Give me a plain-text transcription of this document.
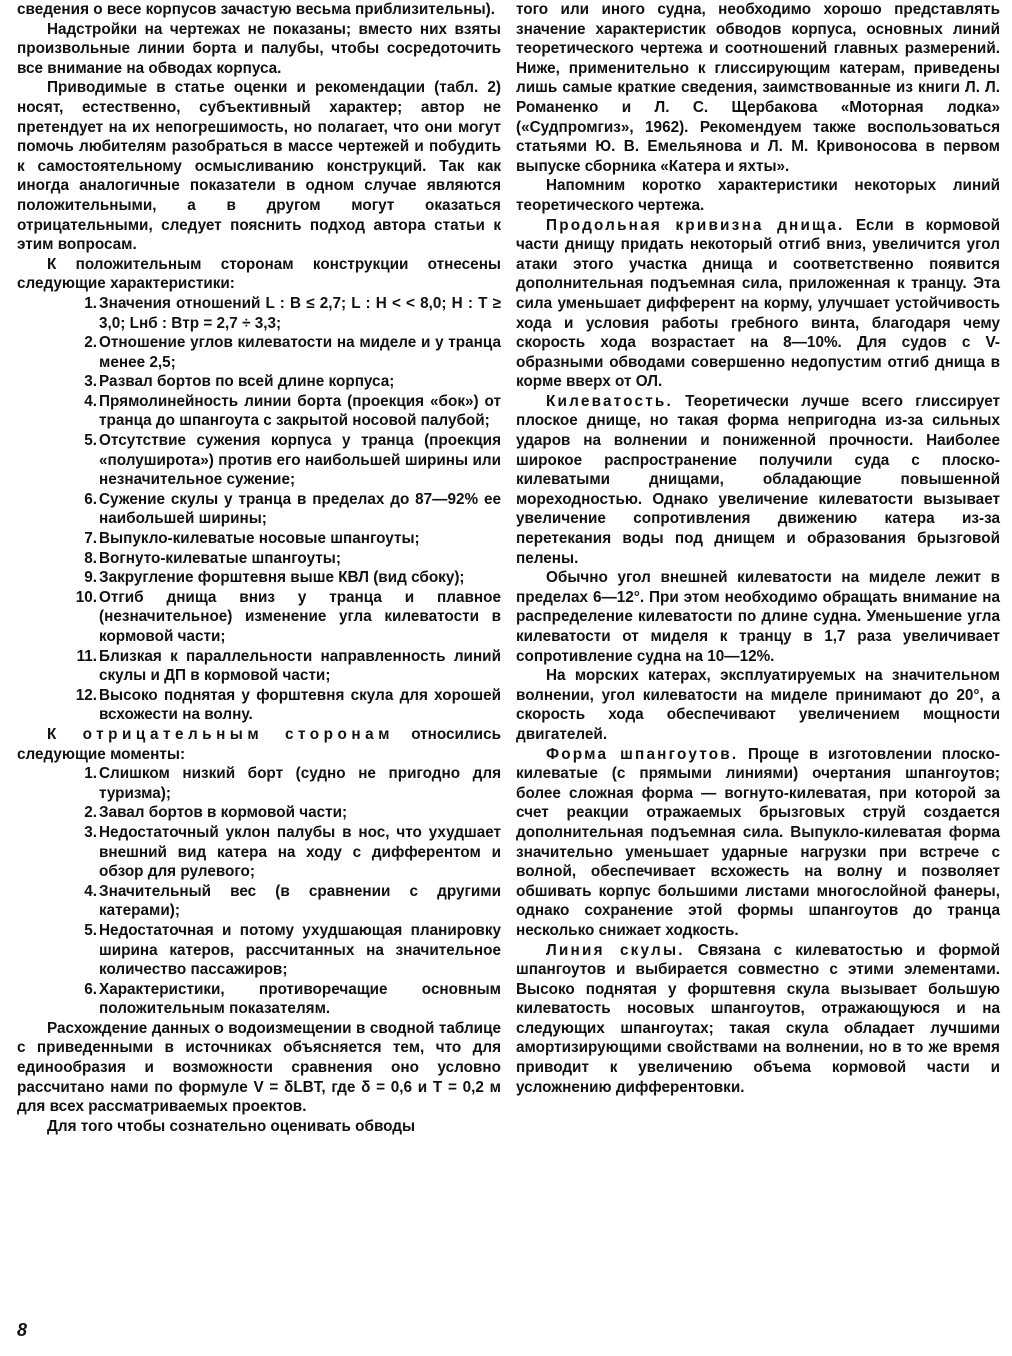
сведения о весе корпусов зачастую весьма приблизительны).

Надстройки на чертежах не показаны; вместо них взяты произвольные линии борта и палубы, чтобы сосредоточить все внимание на обводах корпуса.

Приводимые в статье оценки и рекомендации (табл. 2) носят, естественно, субъективный характер; автор не претендует на их непогрешимость, но полагает, что они могут помочь любителям разобраться в массе чертежей и побудить к самостоятельному осмысливанию конструкций. Так как иногда аналогичные показатели в одном случае являются положительными, а в другом могут оказаться отрицательными, следует пояснить подход автора статьи к этим вопросам.

К положительным сторонам конструкции отнесены следующие характеристики:

1. Значения отношений L : B ≤ 2,7; L : H < < 8,0; H : T ≥ 3,0; Lнб : Bтр = 2,7 ÷ 3,3;
2. Отношение углов килеватости на миделе и у транца менее 2,5;
3. Развал бортов по всей длине корпуса;
4. Прямолинейность линии борта (проекция «бок») от транца до шпангоута с закрытой носовой палубой;
5. Отсутствие сужения корпуса у транца (проекция «полуширота») против его наибольшей ширины или незначительное сужение;
6. Сужение скулы у транца в пределах до 87—92% ее наибольшей ширины;
7. Выпукло-килеватые носовые шпангоуты;
8. Вогнуто-килеватые шпангоуты;
9. Закругление форштевня выше КВЛ (вид сбоку);
10. Отгиб днища вниз у транца и плавное (незначительное) изменение угла килеватости в кормовой части;
11. Близкая к параллельности направленность линий скулы и ДП в кормовой части;
12. Высоко поднятая у форштевня скула для хорошей всхожести на волну.

К отрицательным сторонам относились следующие моменты:

1. Слишком низкий борт (судно не пригодно для туризма);
2. Завал бортов в кормовой части;
3. Недостаточный уклон палубы в нос, что ухудшает внешний вид катера на ходу с дифферентом и обзор для рулевого;
4. Значительный вес (в сравнении с другими катерами);
5. Недостаточная и потому ухудшающая планировку ширина катеров, рассчитанных на значительное количество пассажиров;
6. Характеристики, противоречащие основным положительным показателям.

Расхождение данных о водоизмещении в сводной таблице с приведенными в источниках объясняется тем, что для единообразия и возможности сравнения оно условно рассчитано нами по формуле V = δLBT, где δ = 0,6 и T = 0,2 м для всех рассматриваемых проектов.

Для того чтобы сознательно оценивать обводы

того или иного судна, необходимо хорошо представлять значение характеристик обводов корпуса, основных линий теоретического чертежа и соотношений главных размерений. Ниже, применительно к глиссирующим катерам, приведены лишь самые краткие сведения, заимствованные из книги Л. Л. Романенко и Л. С. Щербакова «Моторная лодка» («Судпромгиз», 1962). Рекомендуем также воспользоваться статьями Ю. В. Емельянова и Л. М. Кривоносова в первом выпуске сборника «Катера и яхты».

Напомним коротко характеристики некоторых линий теоретического чертежа.

Продольная кривизна днища. Если в кормовой части днищу придать некоторый отгиб вниз, увеличится угол атаки этого участка днища и соответственно появится дополнительная подъемная сила, приложенная к транцу. Эта сила уменьшает дифферент на корму, улучшает устойчивость хода и условия работы гребного винта, благодаря чему скорость хода возрастает на 8—10%. Для судов с V-образными обводами совершенно недопустим отгиб днища в корме вверх от ОЛ.

Килеватость. Теоретически лучше всего глиссирует плоское днище, но такая форма непригодна из-за сильных ударов на волнении и пониженной прочности. Наиболее широкое распространение получили суда с плоско-килеватыми днищами, обладающие повышенной мореходностью. Однако увеличение килеватости вызывает увеличение сопротивления движению катера из-за перетекания воды под днищем и образования брызговой пелены.

Обычно угол внешней килеватости на миделе лежит в пределах 6—12°. При этом необходимо обращать внимание на распределение килеватости по длине судна. Уменьшение угла килеватости от миделя к транцу в 1,7 раза увеличивает сопротивление судна на 10—12%.

На морских катерах, эксплуатируемых на значительном волнении, угол килеватости на миделе принимают до 20°, а скорость хода обеспечивают увеличением мощности двигателей.

Форма шпангоутов. Проще в изготовлении плоско-килеватые (с прямыми линиями) очертания шпангоутов; более сложная форма — вогнуто-килеватая, при которой за счет реакции отражаемых брызговых струй создается дополнительная подъемная сила. Выпукло-килеватая форма значительно уменьшает ударные нагрузки при встрече с волной, обеспечивает всхожесть на волну и позволяет обшивать корпус большими листами многослойной фанеры, однако сохранение этой формы шпангоутов до транца несколько снижает ходкость.

Линия скулы. Связана с килеватостью и формой шпангоутов и выбирается совместно с этими элементами. Высоко поднятая у форштевня скула вызывает большую килеватость носовых шпангоутов, отражающуюся и на следующих шпангоутах; такая скула обладает лучшими амортизирующими свойствами на волнении, но в то же время приводит к увеличению объема кормовой части и усложнению дифферентовки.

8
